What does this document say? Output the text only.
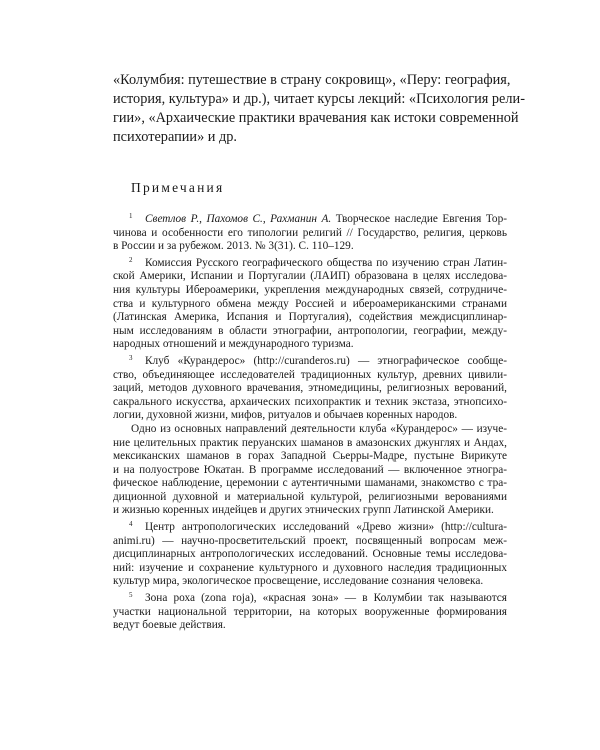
«Колумбия: путешествие в страну сокровищ», «Перу: география,
история, культура» и др.), читает курсы лекций: «Психология рели-
гии», «Архаические практики врачевания как истоки современной
психотерапии» и др.
Примечания
1 Светлов Р., Пахомов С., Рахманин А. Творческое наследие Евгения Тор-
чинова и особенности его типологии религий // Государство, религия, церковь
в России и за рубежом. 2013. № 3(31). С. 110–129.
2 Комиссия Русского географического общества по изучению стран Латин-
ской Америки, Испании и Португалии (ЛАИП) образована в целях исследова-
ния культуры Ибероамерики, укрепления международных связей, сотрудниче-
ства и культурного обмена между Россией и ибероамериканскими странами
(Латинская Америка, Испания и Португалия), содействия междисциплинар-
ным исследованиям в области этнографии, антропологии, географии, между-
народных отношений и международного туризма.
3 Клуб «Курандерос» (http://curanderos.ru) — этнографическое сообще-
ство, объединяющее исследователей традиционных культур, древних цивили-
заций, методов духовного врачевания, этномедицины, религиозных верований,
сакрального искусства, архаических психопрактик и техник экстаза, этнопсихо-
логии, духовной жизни, мифов, ритуалов и обычаев коренных народов.
Одно из основных направлений деятельности клуба «Курандерос» — изуче-
ние целительных практик перуанских шаманов в амазонских джунглях и Андах,
мексиканских шаманов в горах Западной Сьерры-Мадре, пустыне Вирикуте
и на полуострове Юкатан. В программе исследований — включенное этногра-
фическое наблюдение, церемонии с аутентичными шаманами, знакомство с тра-
диционной духовной и материальной культурой, религиозными верованиями
и жизнью коренных индейцев и других этнических групп Латинской Америки.
4 Центр антропологических исследований «Древо жизни» (http://cultura-
animi.ru) — научно-просветительский проект, посвященный вопросам меж-
дисциплинарных антропологических исследований. Основные темы исследова-
ний: изучение и сохранение культурного и духовного наследия традиционных
культур мира, экологическое просвещение, исследование сознания человека.
5 Зона роха (zona roja), «красная зона» — в Колумбии так называются
участки национальной территории, на которых вооруженные формирования
ведут боевые действия.
